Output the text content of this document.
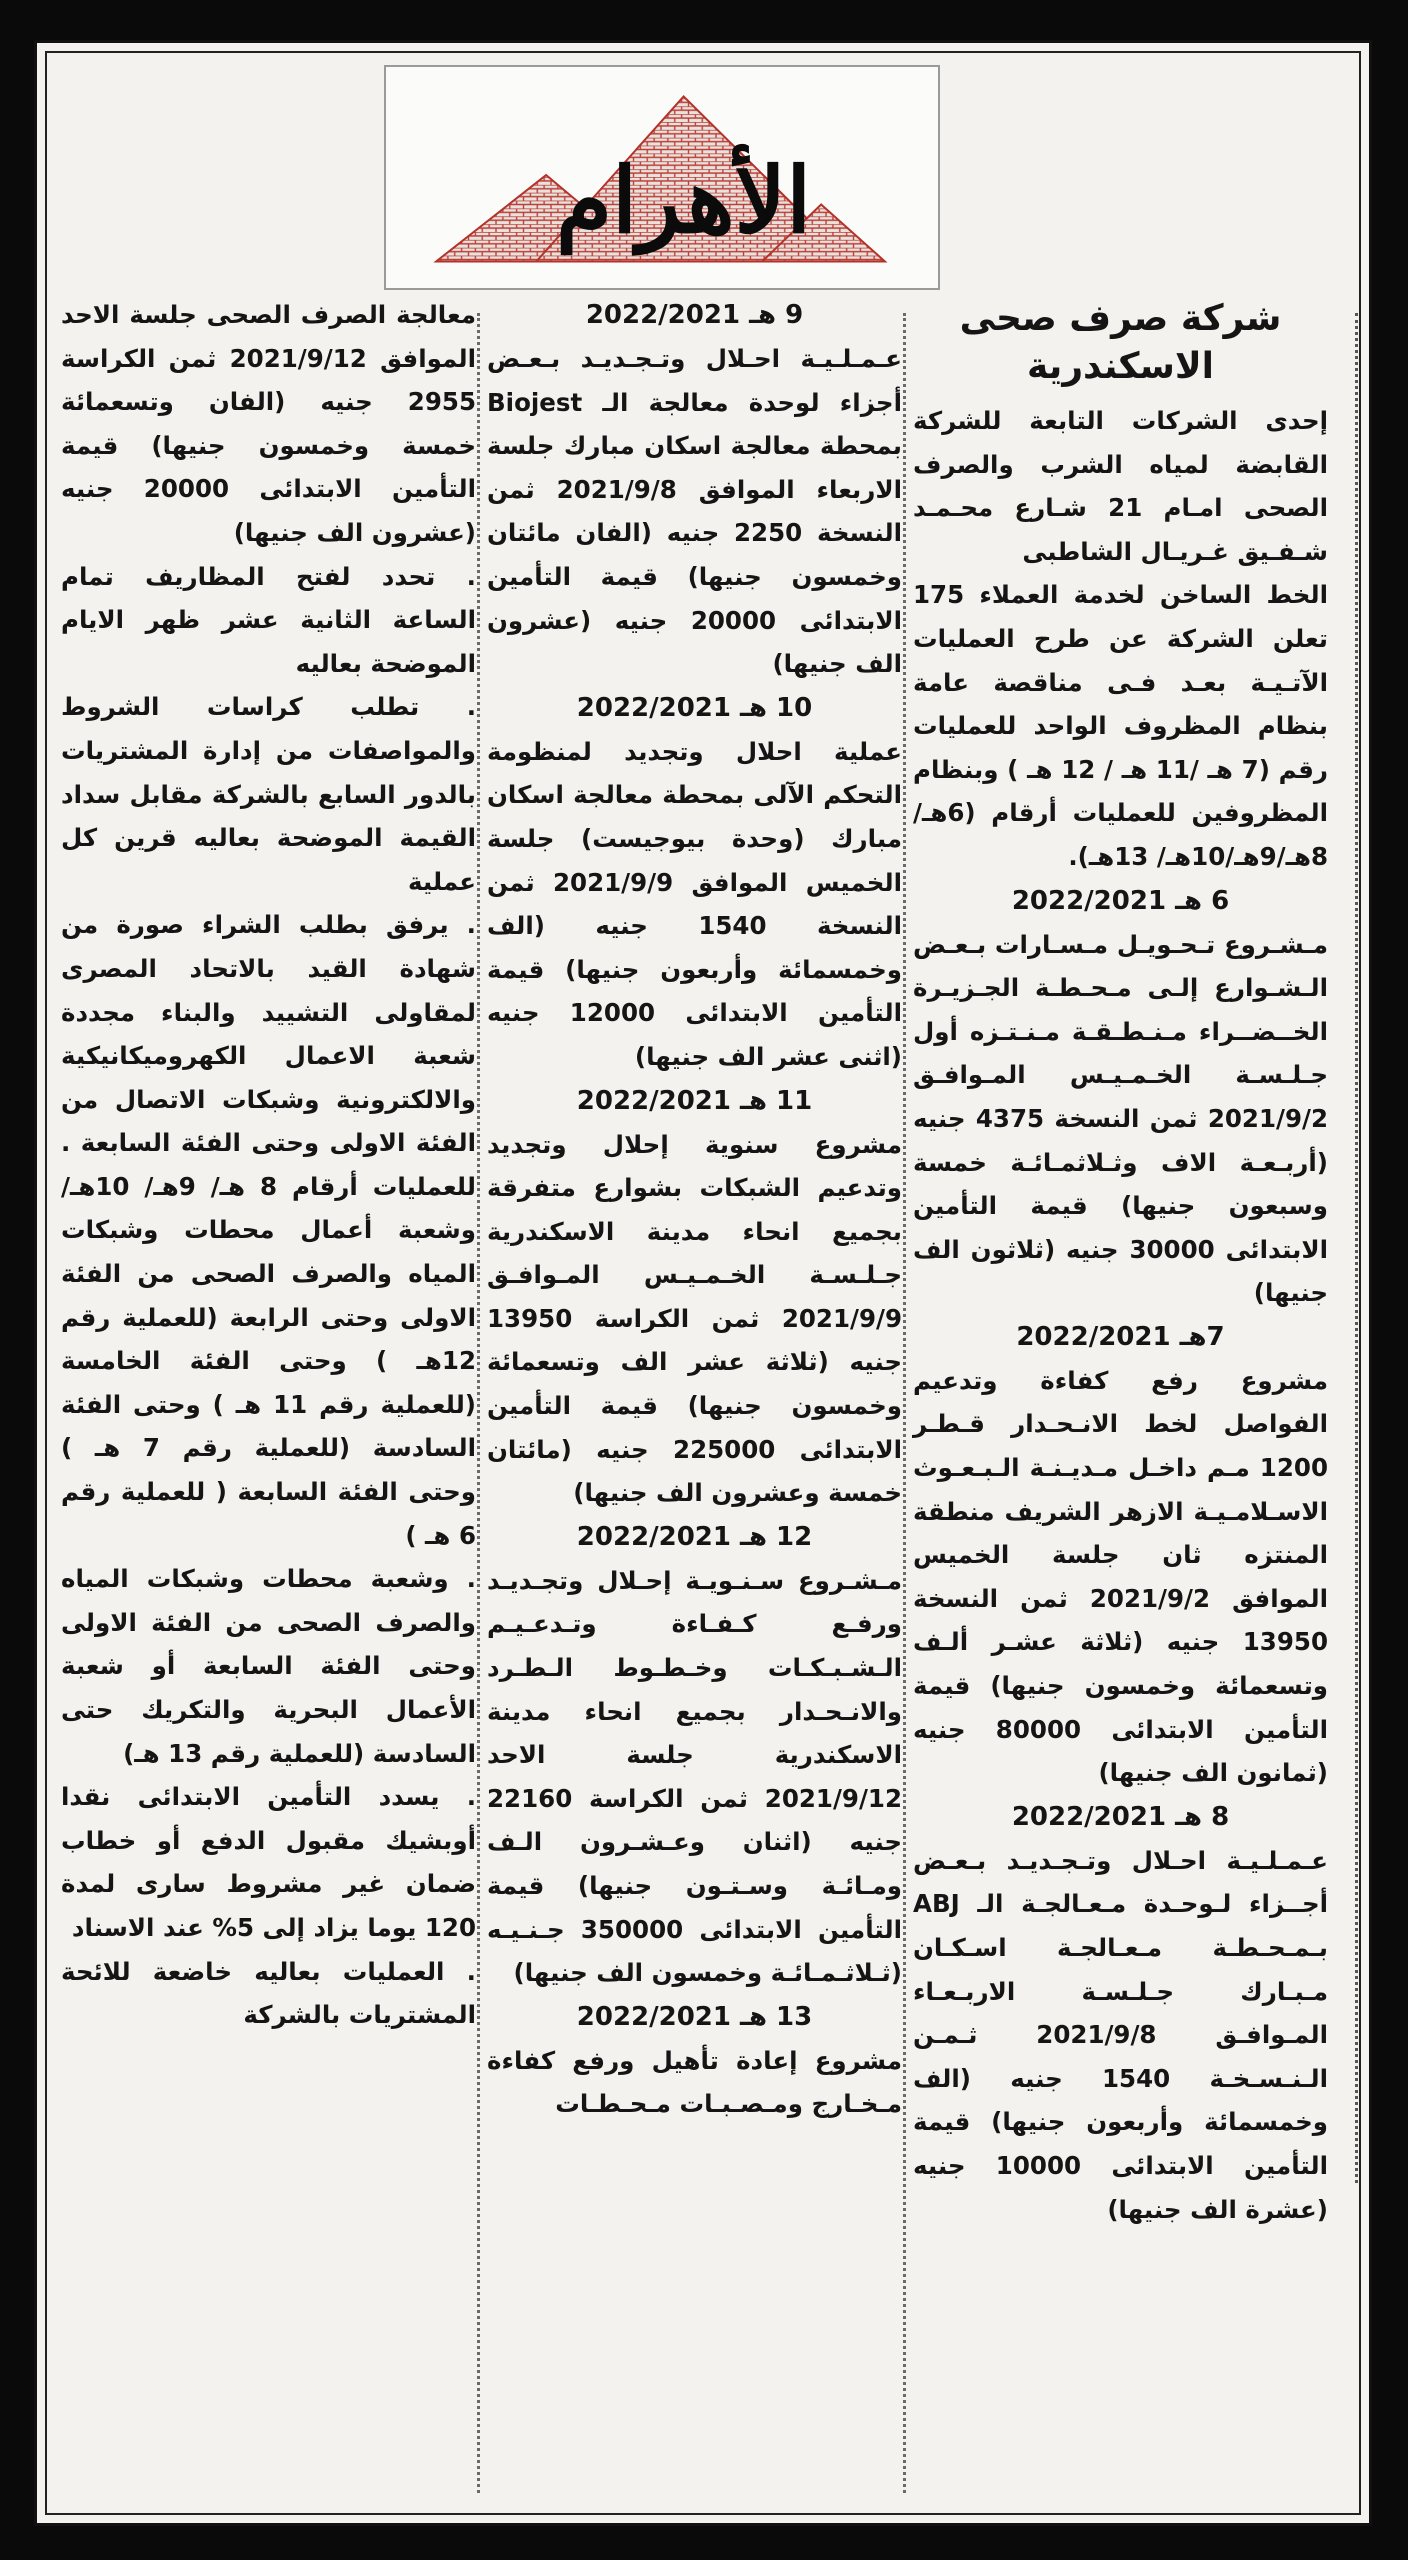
الأهرام
شركة صرف صحى الاسكندرية

إحدى الشركات التابعة للشركة القابضة لمياه الشرب والصرف الصحى امـام 21 شـارع محـمـد شـفـيق غـريـال الشاطبى

الخط الساخن لخدمة العملاء 175 تعلن الشركة عن طرح العمليات الآتـيـة بعـد فـى مناقصة عامة بنظام المظروف الواحد للعمليات رقم (7 هـ /11 هـ / 12 هـ ) وبنظام المظروفين للعمليات أرقام (6هـ/ 8هـ/9هـ/10هـ/ 13هـ).

6 هـ 2022/2021

مـشـروع تـحـويـل مـسـارات بـعـض الـشـوارع إلـى مـحـطـة الجـزيـرة الخــضــراء مـنـطـقـة مـنـتـزه أول جـلـسـة الخـمـيـس المـوافـق 2021/9/2 ثمن النسخة 4375 جنيه (أربـعـة الاف وثـلاثمـائـة خمسة وسبعون جنيها) قيمة التأمين الابتدائى 30000 جنيه (ثلاثون الف جنيها)

7هـ 2022/2021

مشروع رفع كفاءة وتدعيم الفواصل لخط الانـحـدار قـطـر 1200 مـم داخـل مـديـنـة الـبـعـوث الاسـلامـيـة الازهر الشريف منطقة المنتزه ثان جلسة الخميس الموافق 2021/9/2 ثمن النسخة 13950 جنيه (ثلاثة عشـر ألـف وتسعمائة وخمسون جنيها) قيمة التأمين الابتدائى 80000 جنيه (ثمانون الف جنيها)

8 هـ 2022/2021

عـمـلـيـة احـلال وتـجـديـد بـعـض أجــزاء لـوحـدة مـعـالجـة الـ ABJ بـمـحـطـة مـعـالجـة اسـكـان مـبـارك جـلـسـة الاربـعـاء المـوافـق 2021/9/8 ثـمـن الـنـسـخـة 1540 جنيه (الف وخمسمائة وأربعون جنيها) قيمة التأمين الابتدائى 10000 جنيه (عشرة الف جنيها)

9 هـ 2022/2021

عـمـلـيـة احـلال وتـجـديـد بـعـض أجزاء لوحدة معالجة الـ Biojest بمحطة معالجة اسكان مبارك جلسة الاربعاء الموافق 2021/9/8 ثمن النسخة 2250 جنيه (الفان مائتان وخمسون جنيها) قيمة التأمين الابتدائى 20000 جنيه (عشرون الف جنيها)

10 هـ 2022/2021

عملية احلال وتجديد لمنظومة التحكم الآلى بمحطة معالجة اسكان مبارك (وحدة بيوجيست) جلسة الخميس الموافق 2021/9/9 ثمن النسخة 1540 جنيه (الف وخمسمائة وأربعون جنيها) قيمة التأمين الابتدائى 12000 جنيه (اثنى عشر الف جنيها)

11 هـ 2022/2021

مشروع سنوية إحلال وتجديد وتدعيم الشبكات بشوارع متفرقة بجميع انحاء مدينة الاسكندرية جـلـسـة الخـمـيـس المـوافـق 2021/9/9 ثمن الكراسة 13950 جنيه (ثلاثة عشر الف وتسعمائة وخمسون جنيها) قيمة التأمين الابتدائى 225000 جنيه (مائتان خمسة وعشرون الف جنيها)

12 هـ 2022/2021

مـشـروع سـنـويـة إحـلال وتجـديـد ورفـع كـفـاءة وتـدعـيـم الـشـبـكـات وخـطـوط الـطـرد والانـحـدار بجميع انحاء مدينة الاسكندرية جلسة الاحد 2021/9/12 ثمن الكراسة 22160 جنيه (اثنان وعـشـرون الـف ومـائـة وسـتـون جنيها) قيمة التأمين الابتدائى 350000 جـنـيـه (ثـلاثـمـائـة وخمسون الف جنيها)

13 هـ 2022/2021

مشروع إعادة تأهيل ورفع كفاءة مـخـارج ومـصـبـات مـحـطـات

معالجة الصرف الصحى جلسة الاحد الموافق 2021/9/12 ثمن الكراسة 2955 جنيه (الفان وتسعمائة خمسة وخمسون جنيها) قيمة التأمين الابتدائى 20000 جنيه (عشرون الف جنيها)

. تحدد لفتح المظاريف تمام الساعة الثانية عشر ظهر الايام الموضحة بعاليه

. تطلب كراسات الشروط والمواصفات من إدارة المشتريات بالدور السابع بالشركة مقابل سداد القيمة الموضحة بعاليه قرين كل عملية

. يرفق بطلب الشراء صورة من شهادة القيد بالاتحاد المصرى لمقاولى التشييد والبناء مجددة شعبة الاعمال الكهروميكانيكية والالكترونية وشبكات الاتصال من الفئة الاولى وحتى الفئة السابعة . للعمليات أرقام 8 هـ/ 9هـ/ 10هـ/ وشعبة أعمال محطات وشبكات المياه والصرف الصحى من الفئة الاولى وحتى الرابعة (للعملية رقم 12هـ ) وحتى الفئة الخامسة (للعملية رقم 11 هـ ) وحتى الفئة السادسة (للعملية رقم 7 هـ ) وحتى الفئة السابعة ( للعملية رقم 6 هـ )

. وشعبة محطات وشبكات المياه والصرف الصحى من الفئة الاولى وحتى الفئة السابعة أو شعبة الأعمال البحرية والتكريك حتى السادسة (للعملية رقم 13 هـ)

. يسدد التأمين الابتدائى نقدا أوبشيك مقبول الدفع أو خطاب ضمان غير مشروط سارى لمدة 120 يوما يزاد إلى 5% عند الاسناد

. العمليات بعاليه خاضعة للائحة المشتريات بالشركة
